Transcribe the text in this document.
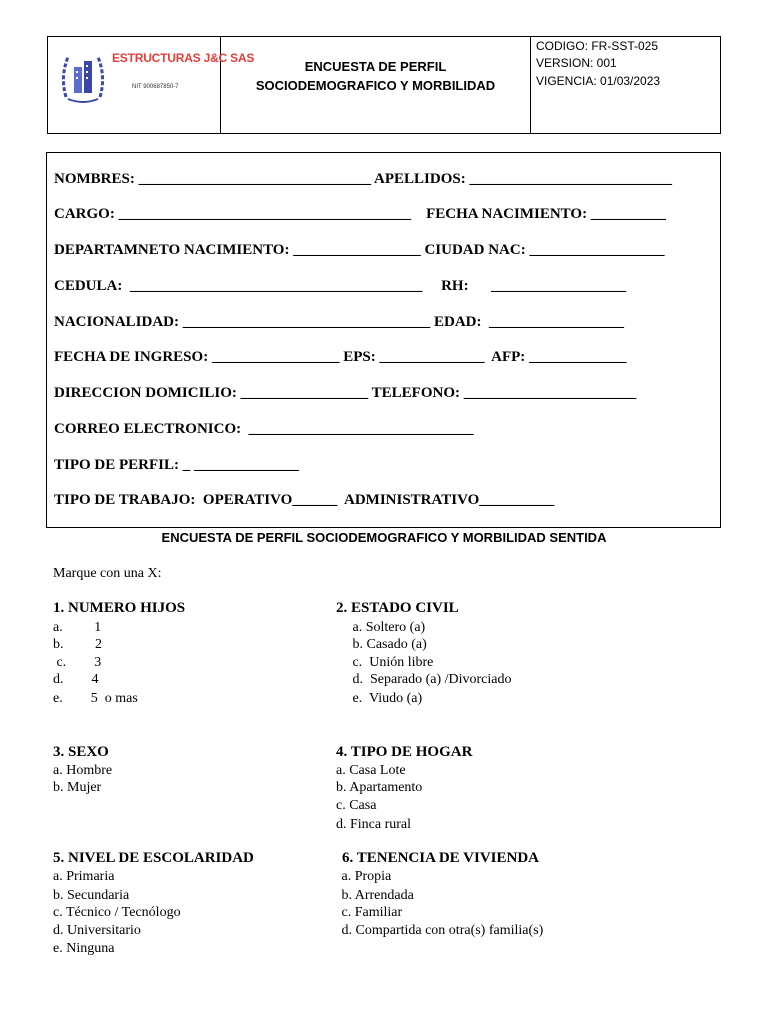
ESTRUCTURAS J&C SAS
NIT 900687850-7
ENCUESTA DE PERFIL
SOCIODEMOGRAFICO Y MORBILIDAD
CODIGO: FR-SST-025
VERSION: 001
VIGENCIA: 01/03/2023
NOMBRES: _______________________________ APELLIDOS: ___________________________
CARGO: _______________________________________    FECHA NACIMIENTO: __________
DEPARTAMNETO NACIMIENTO: _________________ CIUDAD NAC: __________________
CEDULA:  _______________________________________     RH:      __________________
NACIONALIDAD: _________________________________ EDAD:  __________________
FECHA DE INGRESO: _________________ EPS: ______________  AFP: _____________
DIRECCION DOMICILIO: _________________ TELEFONO: _______________________
CORREO ELECTRONICO:  ______________________________
TIPO DE PERFIL: _ ______________
TIPO DE TRABAJO:  OPERATIVO______  ADMINISTRATIVO__________
ENCUESTA DE PERFIL SOCIODEMOGRAFICO Y MORBILIDAD SENTIDA
Marque con una X:
1. NUMERO HIJOS
a.         1
b.         2
c.        3
d.        4
e.        5  o mas
2. ESTADO CIVIL
a. Soltero (a)
b. Casado (a)
c.  Unión libre
d.  Separado (a) /Divorciado
e.  Viudo (a)
3. SEXO
a. Hombre
b. Mujer
4. TIPO DE HOGAR
a. Casa Lote
b. Apartamento
c. Casa
d. Finca rural
5. NIVEL DE ESCOLARIDAD
a. Primaria
b. Secundaria
c. Técnico / Tecnólogo
d. Universitario
e. Ninguna
6. TENENCIA DE VIVIENDA
a. Propia
b. Arrendada
c. Familiar
d. Compartida con otra(s) familia(s)
